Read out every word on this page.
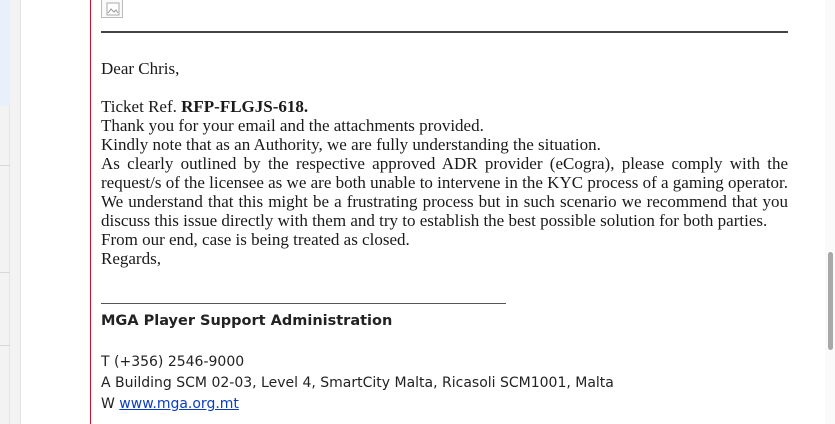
Dear Chris,

Ticket Ref. RFP-FLGJS-618.

Thank you for your email and the attachments provided.

Kindly note that as an Authority, we are fully understanding the situation.

As clearly outlined by the respective approved ADR provider (eCogra), please comply with the request/s of the licensee as we are both unable to intervene in the KYC process of a gaming operator. We understand that this might be a frustrating process but in such scenario we recommend that you discuss this issue directly with them and try to establish the best possible solution for both parties.

From our end, case is being treated as closed.

Regards,

MGA Player Support Administration
T (+356) 2546-9000
A Building SCM 02-03, Level 4, SmartCity Malta, Ricasoli SCM1001, Malta
W www.mga.org.mt
